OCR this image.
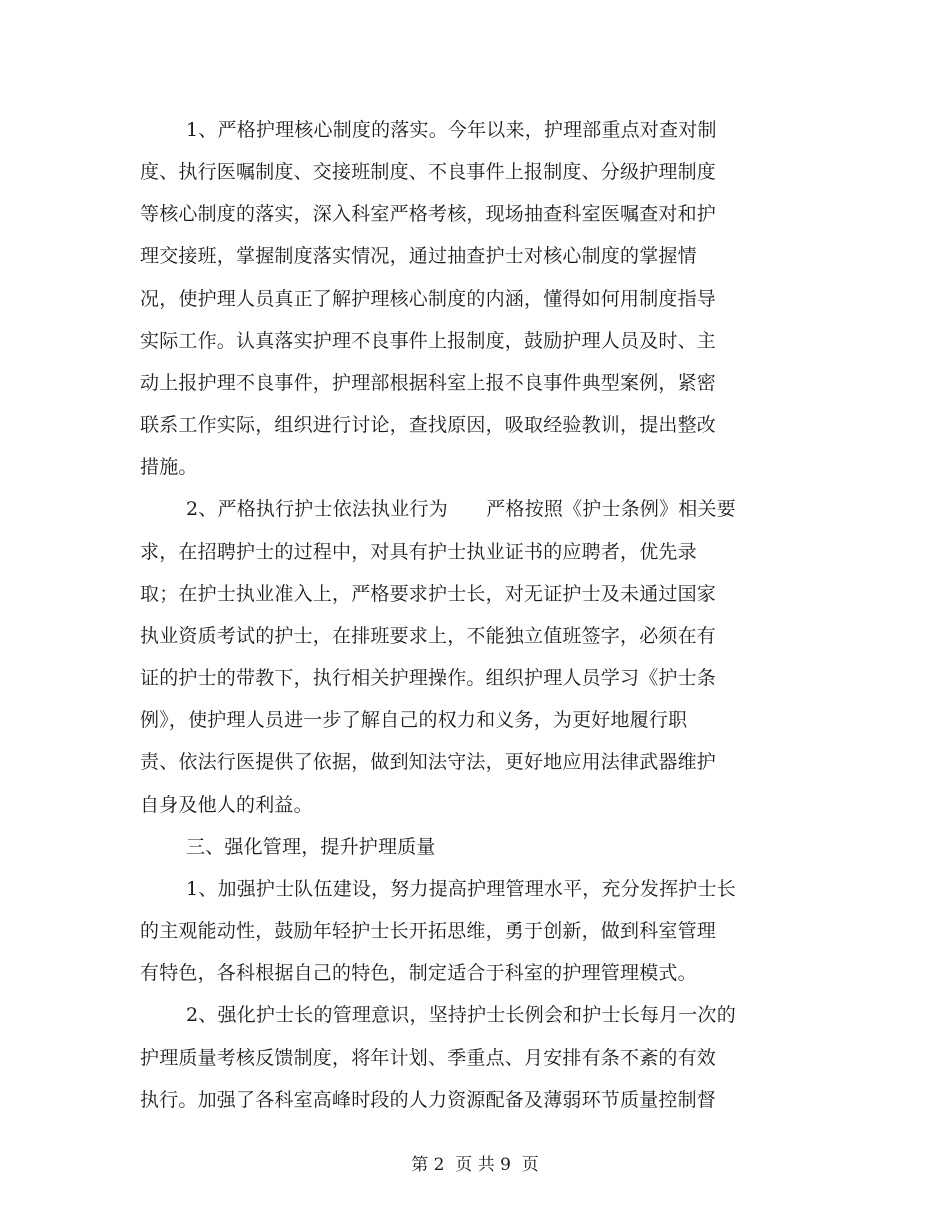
1、严格护理核心制度的落实。今年以来，护理部重点对查对制
度、执行医嘱制度、交接班制度、不良事件上报制度、分级护理制度
等核心制度的落实，深入科室严格考核，现场抽查科室医嘱查对和护
理交接班，掌握制度落实情况，通过抽查护士对核心制度的掌握情
况，使护理人员真正了解护理核心制度的内涵，懂得如何用制度指导
实际工作。认真落实护理不良事件上报制度，鼓励护理人员及时、主
动上报护理不良事件，护理部根据科室上报不良事件典型案例，紧密
联系工作实际，组织进行讨论，查找原因，吸取经验教训，提出整改
措施。
2、严格执行护士依法执业行为　　严格按照《护士条例》相关要
求，在招聘护士的过程中，对具有护士执业证书的应聘者，优先录
取；在护士执业准入上，严格要求护士长，对无证护士及未通过国家
执业资质考试的护士，在排班要求上，不能独立值班签字，必须在有
证的护士的带教下，执行相关护理操作。组织护理人员学习《护士条
例》，使护理人员进一步了解自己的权力和义务，为更好地履行职
责、依法行医提供了依据，做到知法守法，更好地应用法律武器维护
自身及他人的利益。
三、强化管理，提升护理质量
1、加强护士队伍建设，努力提高护理管理水平，充分发挥护士长
的主观能动性，鼓励年轻护士长开拓思维，勇于创新，做到科室管理
有特色，各科根据自己的特色，制定适合于科室的护理管理模式。
2、强化护士长的管理意识，坚持护士长例会和护士长每月一次的
护理质量考核反馈制度，将年计划、季重点、月安排有条不紊的有效
执行。加强了各科室高峰时段的人力资源配备及薄弱环节质量控制督
第 2  页 共 9  页
